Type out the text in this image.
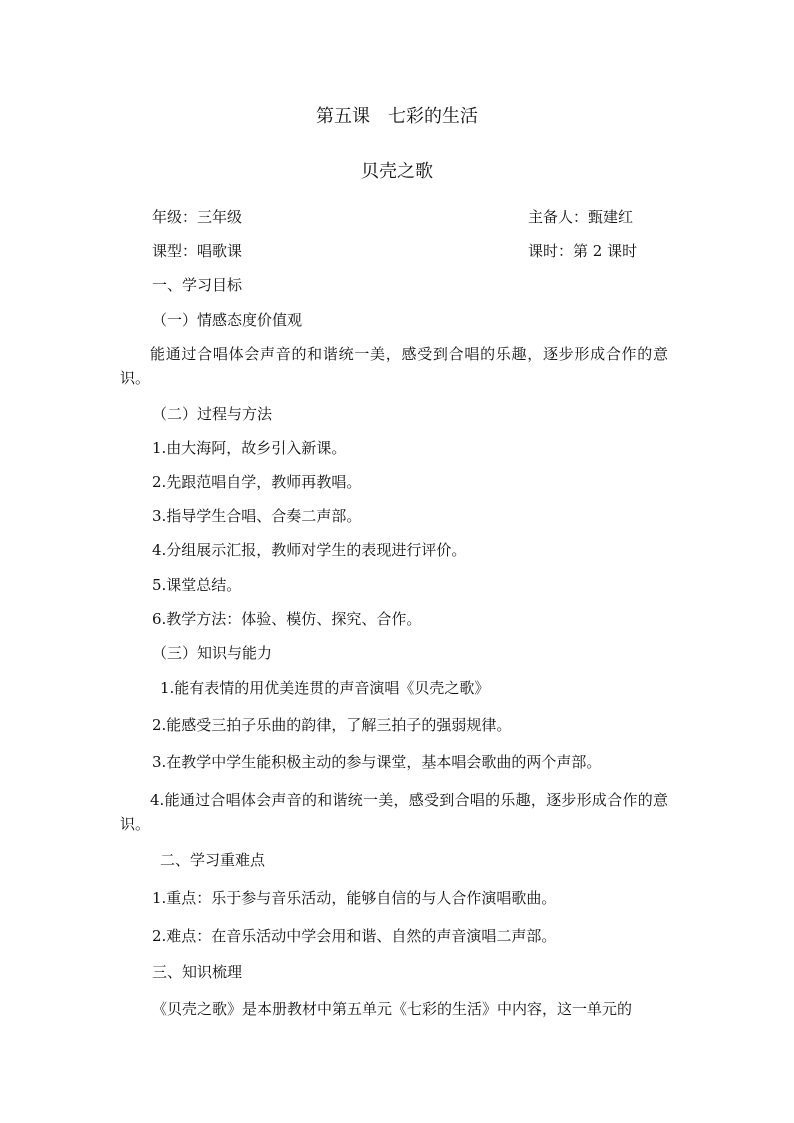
第五课　七彩的生活
贝壳之歌
年级：三年级	主备人：甄建红
课型：唱歌课	课时：第 2 课时
一、学习目标
（一）情感态度价值观
能通过合唱体会声音的和谐统一美，感受到合唱的乐趣，逐步形成合作的意识。
（二）过程与方法
1.由大海阿，故乡引入新课。
2.先跟范唱自学，教师再教唱。
3.指导学生合唱、合奏二声部。
4.分组展示汇报，教师对学生的表现进行评价。
5.课堂总结。
6.教学方法：体验、模仿、探究、合作。
（三）知识与能力
1.能有表情的用优美连贯的声音演唱《贝壳之歌》
2.能感受三拍子乐曲的韵律，了解三拍子的强弱规律。
3.在教学中学生能积极主动的参与课堂，基本唱会歌曲的两个声部。
4.能通过合唱体会声音的和谐统一美，感受到合唱的乐趣，逐步形成合作的意识。
二、学习重难点
1.重点：乐于参与音乐活动，能够自信的与人合作演唱歌曲。
2.难点：在音乐活动中学会用和谐、自然的声音演唱二声部。
三、知识梳理
《贝壳之歌》是本册教材中第五单元《七彩的生活》中内容，这一单元的
